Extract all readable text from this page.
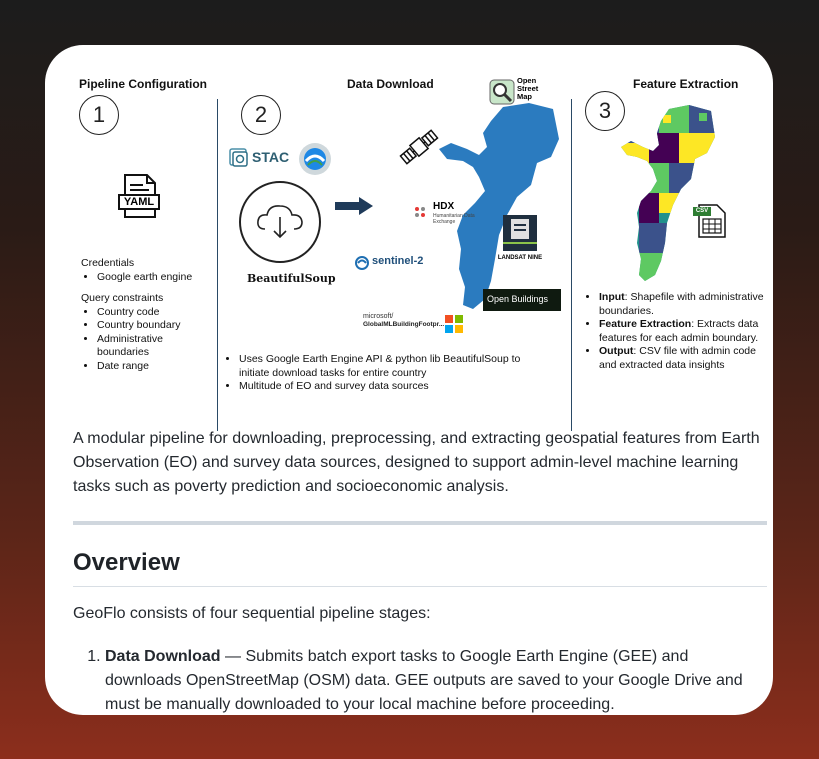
Pipeline Configuration
1
YAML
Credentials
• Google earth engine
Query constraints
• Country code
• Country boundary
• Administrative boundaries
• Date range
Data Download
2
STAC
BeautifulSoup
Open Street Map
HDX
Humanitarian Data Exchange
sentinel-2	LANDSAT NINE
Open Buildings
microsoft/
GlobalMLBuildingFootpr...
• Uses Google Earth Engine API & python lib BeautifulSoup to initiate download tasks for entire country
• Multitude of EO and survey data sources
Feature Extraction
3
CSV
• Input: Shapefile with administrative boundaries.
• Feature Extraction: Extracts data features for each admin boundary.
• Output: CSV file with admin code and extracted data insights
A modular pipeline for downloading, preprocessing, and extracting geospatial features from Earth Observation (EO) and survey data sources, designed to support admin-level machine learning tasks such as poverty prediction and socioeconomic analysis.
Overview
GeoFlo consists of four sequential pipeline stages:
1. Data Download — Submits batch export tasks to Google Earth Engine (GEE) and downloads OpenStreetMap (OSM) data. GEE outputs are saved to your Google Drive and must be manually downloaded to your local machine before proceeding.
